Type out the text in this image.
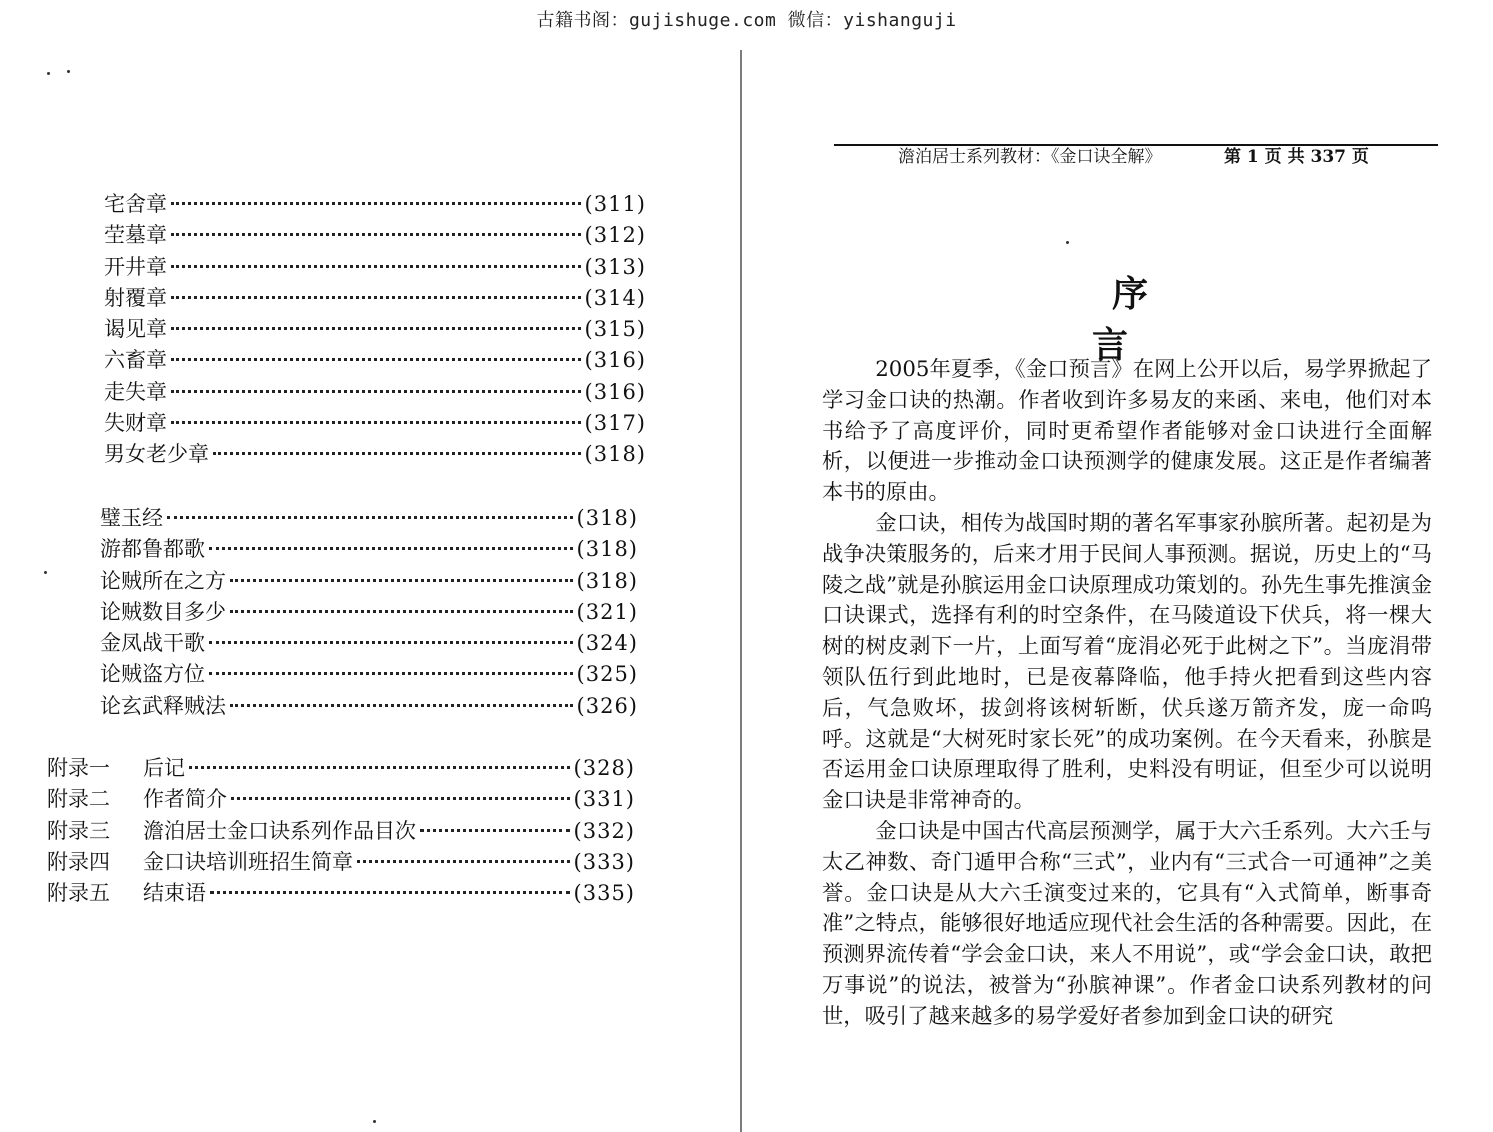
古籍书阁：gujishuge.com 微信：yishanguji
宅舍章	(311)
茔墓章	(312)
开井章	(313)
射覆章	(314)
谒见章	(315)
六畜章	(316)
走失章	(316)
失财章	(317)
男女老少章	(318)
璧玉经	(318)
游都鲁都歌	(318)
论贼所在之方	(318)
论贼数目多少	(321)
金凤战干歌	(324)
论贼盗方位	(325)
论玄武释贼法	(326)
附录一	后记	(328)
附录二	作者简介	(331)
附录三	澹泊居士金口诀系列作品目次	(332)
附录四	金口诀培训班招生简章	(333)
附录五	结束语	(335)
澹泊居士系列教材：《金口诀全解》	第 1 页 共 337 页
序言

2005年夏季，《金口预言》在网上公开以后，易学界掀起了学习金口诀的热潮。作者收到许多易友的来函、来电，他们对本书给予了高度评价，同时更希望作者能够对金口诀进行全面解析，以便进一步推动金口诀预测学的健康发展。这正是作者编著本书的原由。

金口诀，相传为战国时期的著名军事家孙膑所著。起初是为战争决策服务的，后来才用于民间人事预测。据说，历史上的“马陵之战”就是孙膑运用金口诀原理成功策划的。孙先生事先推演金口诀课式，选择有利的时空条件，在马陵道设下伏兵，将一棵大树的树皮剥下一片，上面写着“庞涓必死于此树之下”。当庞涓带领队伍行到此地时，已是夜幕降临，他手持火把看到这些内容后，气急败坏，拔剑将该树斩断，伏兵遂万箭齐发，庞一命呜呼。这就是“大树死时家长死”的成功案例。在今天看来，孙膑是否运用金口诀原理取得了胜利，史料没有明证，但至少可以说明金口诀是非常神奇的。

金口诀是中国古代高层预测学，属于大六壬系列。大六壬与太乙神数、奇门遁甲合称“三式”，业内有“三式合一可通神”之美誉。金口诀是从大六壬演变过来的，它具有“入式简单，断事奇准”之特点，能够很好地适应现代社会生活的各种需要。因此，在预测界流传着“学会金口诀，来人不用说”，或“学会金口诀，敢把万事说”的说法，被誉为“孙膑神课”。作者金口诀系列教材的问世，吸引了越来越多的易学爱好者参加到金口诀的研究
